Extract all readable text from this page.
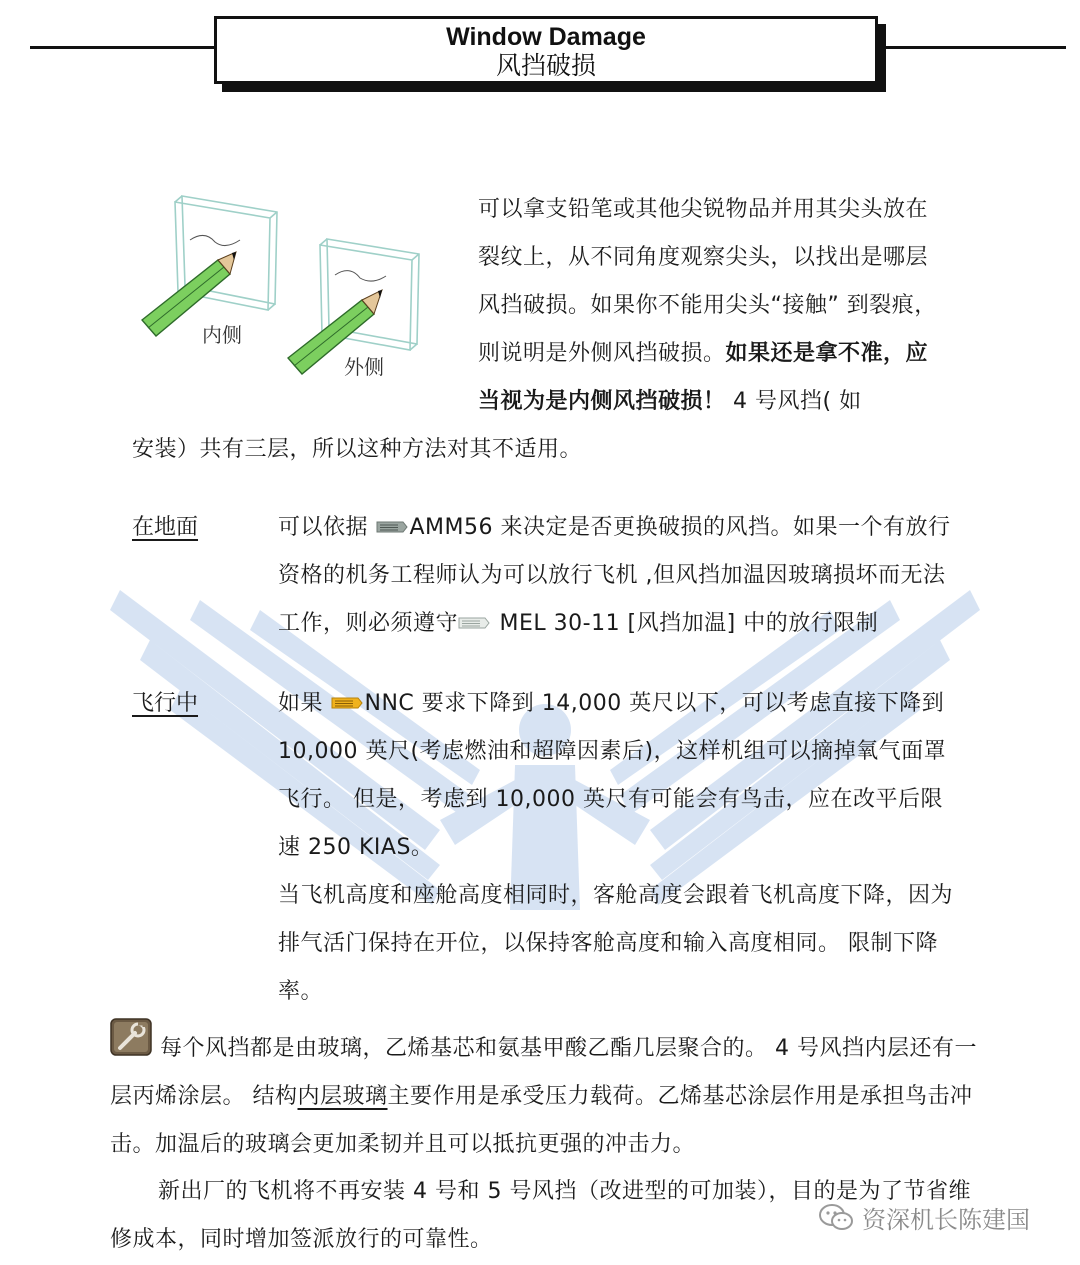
Window Damage
风挡破损
内侧
外侧
可以拿支铅笔或其他尖锐物品并用其尖头放在裂纹上，从不同角度观察尖头，以找出是哪层风挡破损。如果你不能用尖头“接触” 到裂痕，则说明是外侧风挡破损。如果还是拿不准，应当视为是内侧风挡破损！ 4 号风挡( 如
安装）共有三层，所以这种方法对其不适用。
在地面	可以依据 AMM56 来决定是否更换破损的风挡。如果一个有放行资格的机务工程师认为可以放行飞机 ,但风挡加温因玻璃损坏而无法工作，则必须遵守 MEL 30-11 [风挡加温] 中的放行限制
飞行中	如果 NNC 要求下降到 14,000 英尺以下，可以考虑直接下降到 10,000 英尺(考虑燃油和超障因素后)，这样机组可以摘掉氧气面罩飞行。 但是，考虑到 10,000 英尺有可能会有鸟击，应在改平后限速 250 KIAS。
当飞机高度和座舱高度相同时，客舱高度会跟着飞机高度下降，因为排气活门保持在开位，以保持客舱高度和输入高度相同。 限制下降率。
每个风挡都是由玻璃，乙烯基芯和氨基甲酸乙酯几层聚合的。 4 号风挡内层还有一层丙烯涂层。 结构内层玻璃主要作用是承受压力载荷。乙烯基芯涂层作用是承担鸟击冲击。加温后的玻璃会更加柔韧并且可以抵抗更强的冲击力。
新出厂的飞机将不再安装 4 号和 5 号风挡（改进型的可加装），目的是为了节省维修成本，同时增加签派放行的可靠性。
资深机长陈建国
